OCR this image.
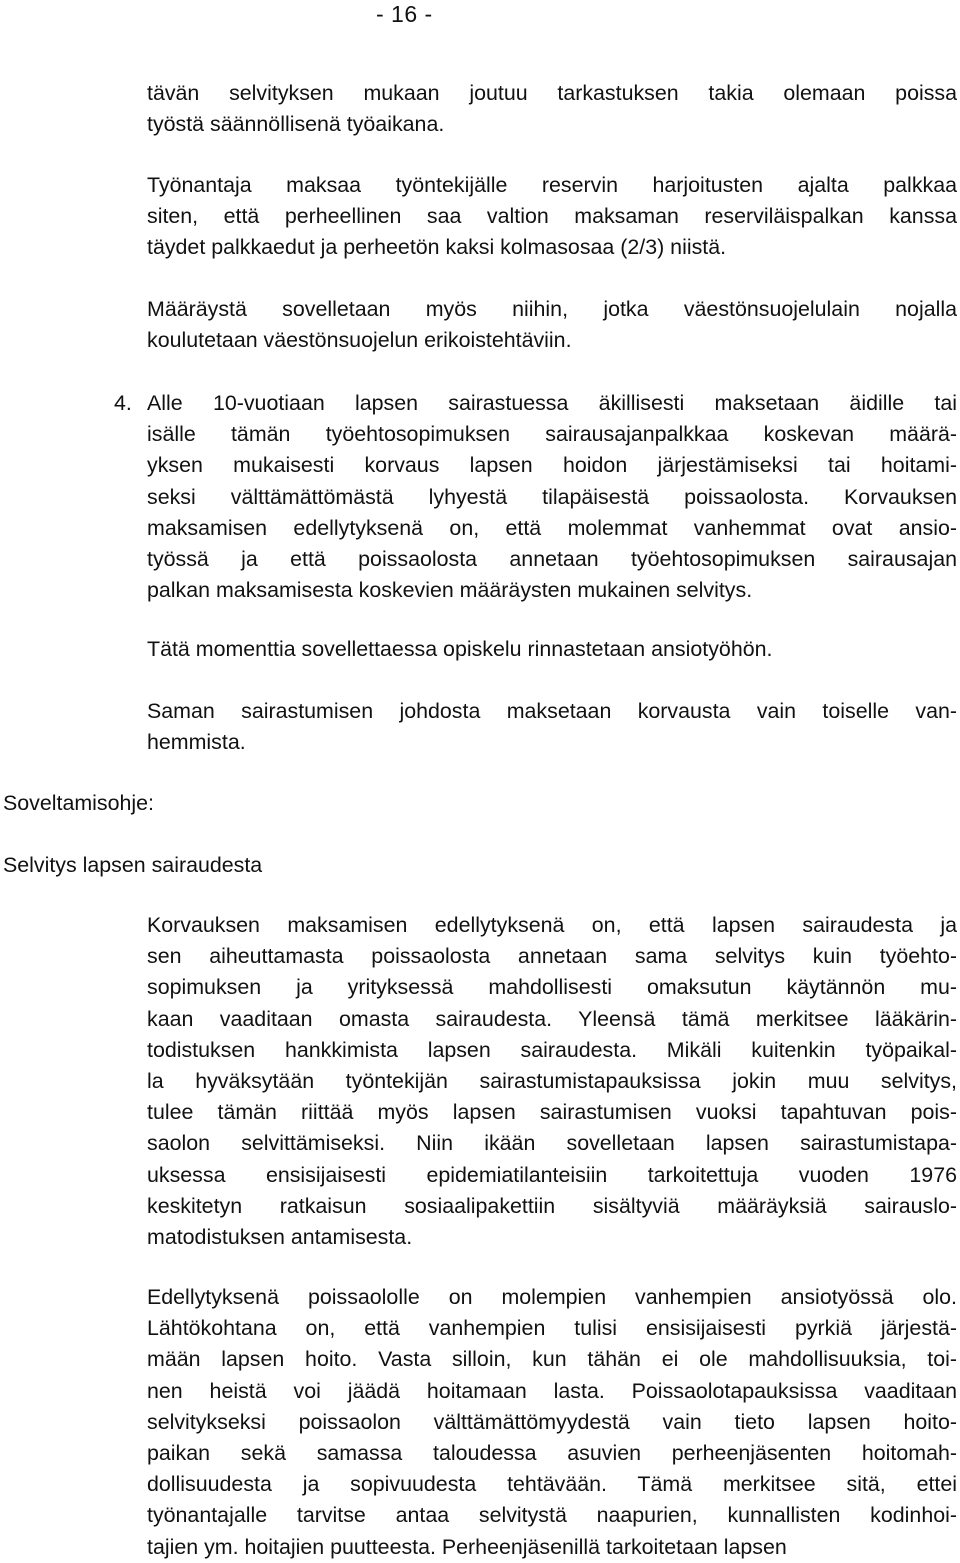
- 16 -
tävän selvityksen mukaan joutuu tarkastuksen takia olemaan poissa
työstä säännöllisenä työaikana.
Työnantaja maksaa työntekijälle reservin harjoitusten ajalta palkkaa
siten, että perheellinen saa valtion maksaman reserviläispalkan kanssa
täydet palkkaedut ja perheetön kaksi kolmasosaa (2/3) niistä.
Määräystä sovelletaan myös niihin, jotka väestönsuojelulain nojalla
koulutetaan väestönsuojelun erikoistehtäviin.
4. Alle 10-vuotiaan lapsen sairastuessa äkillisesti maksetaan äidille tai
isälle tämän työehtosopimuksen sairausajanpalkkaa koskevan määrä-
yksen mukaisesti korvaus lapsen hoidon järjestämiseksi tai hoitami-
seksi välttämättömästä lyhyestä tilapäisestä poissaolosta. Korvauksen
maksamisen edellytyksenä on, että molemmat vanhemmat ovat ansio-
työssä ja että poissaolosta annetaan työehtosopimuksen sairausajan
palkan maksamisesta koskevien määräysten mukainen selvitys.
Tätä momenttia sovellettaessa opiskelu rinnastetaan ansiotyöhön.
Saman sairastumisen johdosta maksetaan korvausta vain toiselle van-
hemmista.
Soveltamisohje:
Selvitys lapsen sairaudesta
Korvauksen maksamisen edellytyksenä on, että lapsen sairaudesta ja
sen aiheuttamasta poissaolosta annetaan sama selvitys kuin työehto-
sopimuksen ja yrityksessä mahdollisesti omaksutun käytännön mu-
kaan vaaditaan omasta sairaudesta. Yleensä tämä merkitsee lääkärin-
todistuksen hankkimista lapsen sairaudesta. Mikäli kuitenkin työpaikal-
la hyväksytään työntekijän sairastumistapauksissa jokin muu selvitys,
tulee tämän riittää myös lapsen sairastumisen vuoksi tapahtuvan pois-
saolon selvittämiseksi. Niin ikään sovelletaan lapsen sairastumistapa-
uksessa ensisijaisesti epidemiatilanteisiin tarkoitettuja vuoden 1976
keskitetyn ratkaisun sosiaalipakettiin sisältyviä määräyksiä sairauslo-
matodistuksen antamisesta.
Edellytyksenä poissaololle on molempien vanhempien ansiotyössä olo.
Lähtökohtana on, että vanhempien tulisi ensisijaisesti pyrkiä järjestä-
mään lapsen hoito. Vasta silloin, kun tähän ei ole mahdollisuuksia, toi-
nen heistä voi jäädä hoitamaan lasta. Poissaolotapauksissa vaaditaan
selvitykseksi poissaolon välttämättömyydestä vain tieto lapsen hoito-
paikan sekä samassa taloudessa asuvien perheenjäsenten hoitomah-
dollisuudesta ja sopivuudesta tehtävään. Tämä merkitsee sitä, ettei
työnantajalle tarvitse antaa selvitystä naapurien, kunnallisten kodinhoi-
tajien ym. hoitajien puutteesta. Perheenjäsenillä tarkoitetaan lapsen
